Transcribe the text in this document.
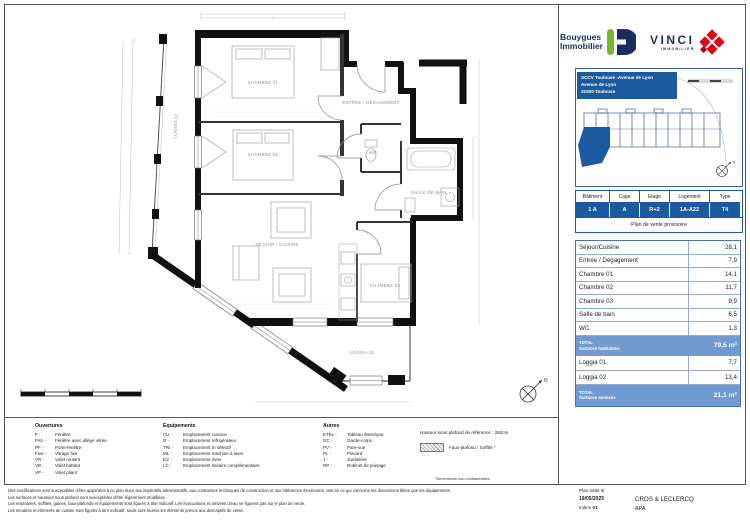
CHAMBRE 01
CHAMBRE 02
SÉJOUR / CUISINE
CHAMBRE 03
ENTRÉE / DÉGAGEMENT
SALLE DE BAIN
WC
LOGGIA 01
LOGGIA 02
N
Bouygues
Immobilier	VINCI
IMMOBILIER
N
SCCV Toulouse -Avenue de Lyon
Avenue de Lyon
31500 Toulouse
Bâtiment	Cage	Etage	Logement	Type
1 A	A	R+2	1A-A22	T4
Plan de vente provisoire
Séjour/Cuisine	28,1
Entrée / Dégagement	7,9
Chambre 01	14,1
Chambre 02	11,7
Chambre 03	9,9
Salle de bain	6,5
WC	1,3
TOTAL
Surfaces habitables	79,5 m²
Loggia 01	7,7
Loggia 02	13,4
TOTAL
Surfaces annexes	21,1 m²
Ouvertures
F -	Fenêtre
FAV -	Fenêtre avec allège vitrée
PF -	Porte-fenêtre
Fixe -	Vitrage fixe
VR -	Volet roulant
VB -	Volet battant
VP -	Volet pliant
Equipements
CU -	Emplacement cuisson
R -	Emplacement réfrigérateur
TRI -	Emplacement tri sélectif
ML -	Emplacement machine à laver
EV -	Emplacement évier
LC -	Emplacement linéaire complémentaire
Autres
ETEL -	Tableau électrique
GC -	Garde-corps
PV -	Pare-vue
PL -	Placard
J -	Jardinière
RP -	Robinet de puisage
Hauteur sous plafond de référence : 260cm
Faux-plafond / Soffite *
*Dimensions non contractuelles
Des modifications sont susceptibles d'être apportées à ce plan dues aux impératifs administratifs, aux contraintes techniques de construction et aux tolérances d'exécution, tant en ce qui concerne les dimensions libres que les équipements.
Les surfaces et hauteurs sous plafond sont susceptibles d'être légèrement modifiées.
Les retombées, soffites, gaines, faux-plafonds et équipements sont figurés à titre indicatif. Les évacuations et arrivées d'eau ne figurent pas sur le plan de vente.
Les meubles et éléments de cuisine sont figurés à titre indicatif; seuls sont fournis les éléments prévus aux descriptifs de vente.
Plan édité le
19/05/2025
Indice 01
CROS & LECLERCQ
APA
